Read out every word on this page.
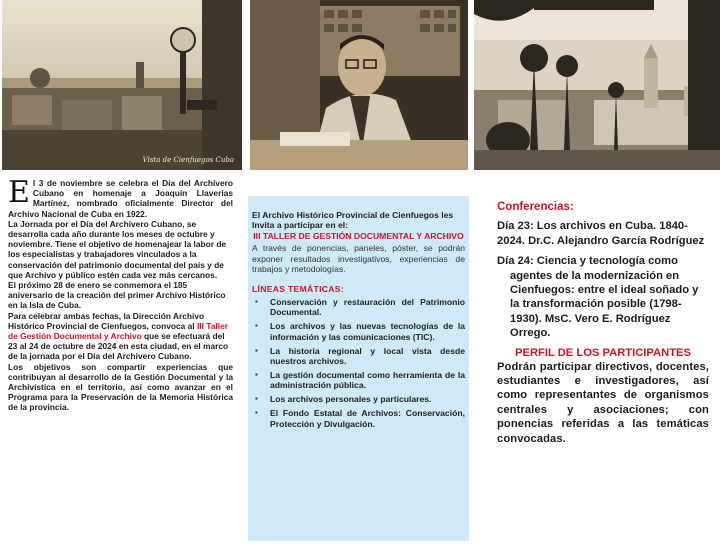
Vista de Cienfuegos Cuba

El 3 de noviembre se celebra el Día del Archivero Cubano en homenaje a Joaquín Llaverías Martínez, nombrado oficialmente Director del Archivo Nacional de Cuba en 1922.

La Jornada por el Día del Archivero Cubano, se desarrolla cada año durante los meses de octubre y noviembre. Tiene el objetivo de homenajear la labor de los especialistas y trabajadores vinculados a la conservación del patrimonio documental del país y de que Archivo y público estén cada vez más cercanos.

El próximo 28 de enero se conmemora el 185 aniversario de la creación del primer Archivo Histórico en la Isla de Cuba.

Para celebrar ambas fechas, la Dirección Archivo Histórico Provincial de Cienfuegos, convoca al III Taller de Gestión Documental y Archivo que se efectuará del 23 al 24 de octubre de 2024 en esta ciudad, en el marco de la jornada por el Día del Archivero Cubano.

Los objetivos son compartir experiencias que contribuyan al desarrollo de la Gestión Documental y la Archivística en el territorio, así como avanzar en el Programa para la Preservación de la Memoria Histórica de la provincia.

El Archivo Histórico Provincial de Cienfuegos les Invita a participar en el:
III TALLER DE GESTIÓN DOCUMENTAL Y ARCHIVO
A través de ponencias, paneles, póster, se podrán exponer resultados investigativos, experiencias de trabajos y metodologías.
LÍNEAS TEMÁTICAS:
▪ Conservación y restauración del Patrimonio Documental.
▪ Los archivos y las nuevas tecnologías de la información y las comunicaciones (TIC).
▪ La historia regional y local vista desde nuestros archivos.
▪ La gestión documental como herramienta de la administración pública.
▪ Los archivos personales y particulares.
▪ El Fondo Estatal de Archivos: Conservación, Protección y Divulgación.
Conferencias:
Día 23: Los archivos en Cuba. 1840-2024. Dr.C. Alejandro García Rodríguez
Día 24: Ciencia y tecnología como agentes de la modernización en Cienfuegos: entre el ideal soñado y la transformación posible (1798-1930). MsC. Vero E. Rodríguez Orrego.
PERFIL DE LOS PARTICIPANTES
Podrán participar directivos, docentes, estudiantes e investigadores, así como representantes de organismos centrales y asociaciones; con ponencias referidas a las temáticas convocadas.
